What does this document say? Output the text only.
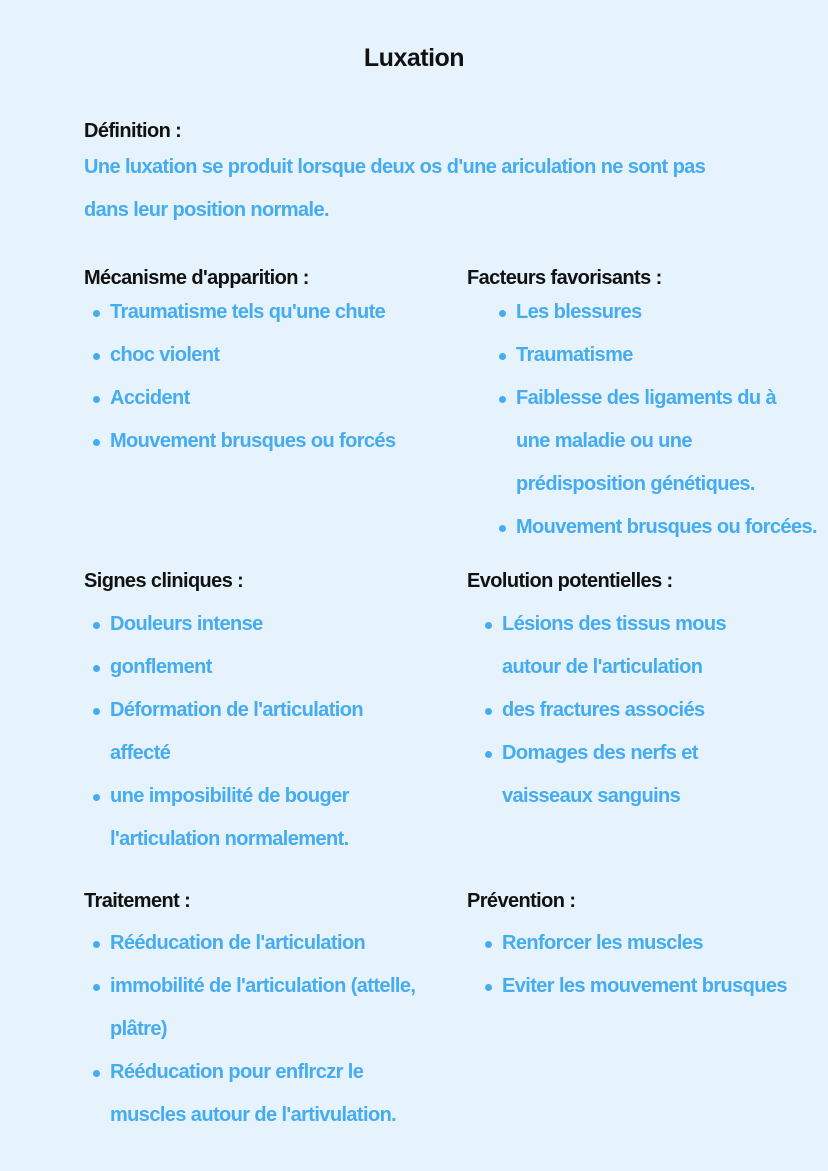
Luxation
Définition :
Une luxation se produit lorsque deux os d'une ariculation ne sont pas
dans leur position normale.
Mécanisme d'apparition :
Traumatisme tels qu'une chute
choc violent
Accident
Mouvement brusques ou forcés
Facteurs favorisants :
Les blessures
Traumatisme
Faiblesse des ligaments du à une maladie ou une prédisposition génétiques.
Mouvement brusques ou forcées.
Signes cliniques :
Douleurs intense
gonflement
Déformation de l'articulation affecté
une imposibilité de bouger l'articulation normalement.
Evolution potentielles :
Lésions des tissus mous autour de l'articulation
des fractures associés
Domages des nerfs et vaisseaux sanguins
Traitement :
Rééducation de l'articulation
immobilité de l'articulation (attelle, plâtre)
Rééducation pour enflrczr le muscles autour de l'artivulation.
Prévention :
Renforcer les muscles
Eviter les mouvement brusques
